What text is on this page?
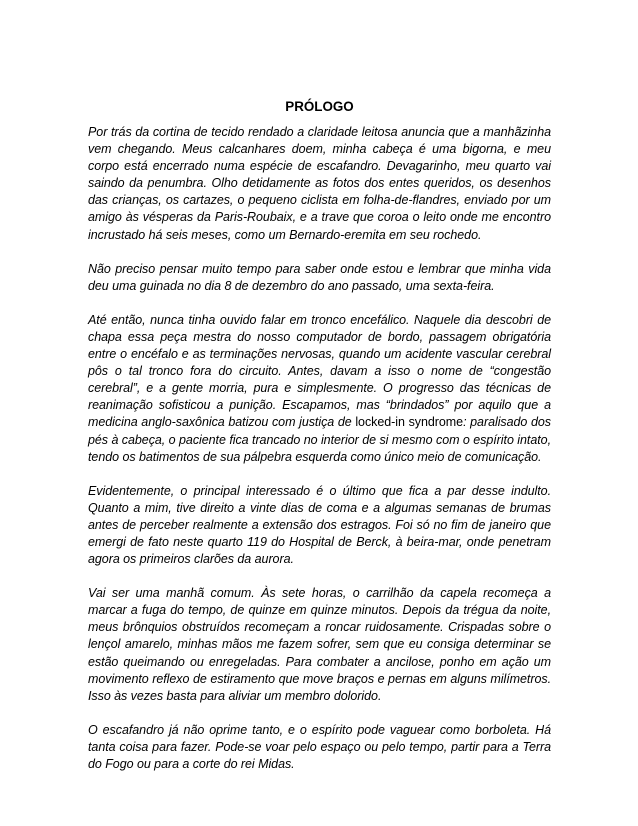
PRÓLOGO

Por trás da cortina de tecido rendado a claridade leitosa anuncia que a manhãzinha vem chegando. Meus calcanhares doem, minha cabeça é uma bigorna, e meu corpo está encerrado numa espécie de escafandro. Devagarinho, meu quarto vai saindo da penumbra. Olho detidamente as fotos dos entes queridos, os desenhos das crianças, os cartazes, o pequeno ciclista em folha-de-flandres, enviado por um amigo às vésperas da Paris-Roubaix, e a trave que coroa o leito onde me encontro incrustado há seis meses, como um Bernardo-eremita em seu rochedo.

Não preciso pensar muito tempo para saber onde estou e lembrar que minha vida deu uma guinada no dia 8 de dezembro do ano passado, uma sexta-feira.

Até então, nunca tinha ouvido falar em tronco encefálico. Naquele dia descobri de chapa essa peça mestra do nosso computador de bordo, passagem obrigatória entre o encéfalo e as terminações nervosas, quando um acidente vascular cerebral pôs o tal tronco fora do circuito. Antes, davam a isso o nome de “congestão cerebral”, e a gente morria, pura e simplesmente. O progresso das técnicas de reanimação sofisticou a punição. Escapamos, mas “brindados” por aquilo que a medicina anglo-saxônica batizou com justiça de locked-in syndrome: paralisado dos pés à cabeça, o paciente fica trancado no interior de si mesmo com o espírito intato, tendo os batimentos de sua pálpebra esquerda como único meio de comunicação.

Evidentemente, o principal interessado é o último que fica a par desse indulto. Quanto a mim, tive direito a vinte dias de coma e a algumas semanas de brumas antes de perceber realmente a extensão dos estragos. Foi só no fim de janeiro que emergi de fato neste quarto 119 do Hospital de Berck, à beira-mar, onde penetram agora os primeiros clarões da aurora.

Vai ser uma manhã comum. Às sete horas, o carrilhão da capela recomeça a marcar a fuga do tempo, de quinze em quinze minutos. Depois da trégua da noite, meus brônquios obstruídos recomeçam a roncar ruidosamente. Crispadas sobre o lençol amarelo, minhas mãos me fazem sofrer, sem que eu consiga determinar se estão queimando ou enregeladas. Para combater a ancilose, ponho em ação um movimento reflexo de estiramento que move braços e pernas em alguns milímetros. Isso às vezes basta para aliviar um membro dolorido.

O escafandro já não oprime tanto, e o espírito pode vaguear como borboleta. Há tanta coisa para fazer. Pode-se voar pelo espaço ou pelo tempo, partir para a Terra do Fogo ou para a corte do rei Midas.
